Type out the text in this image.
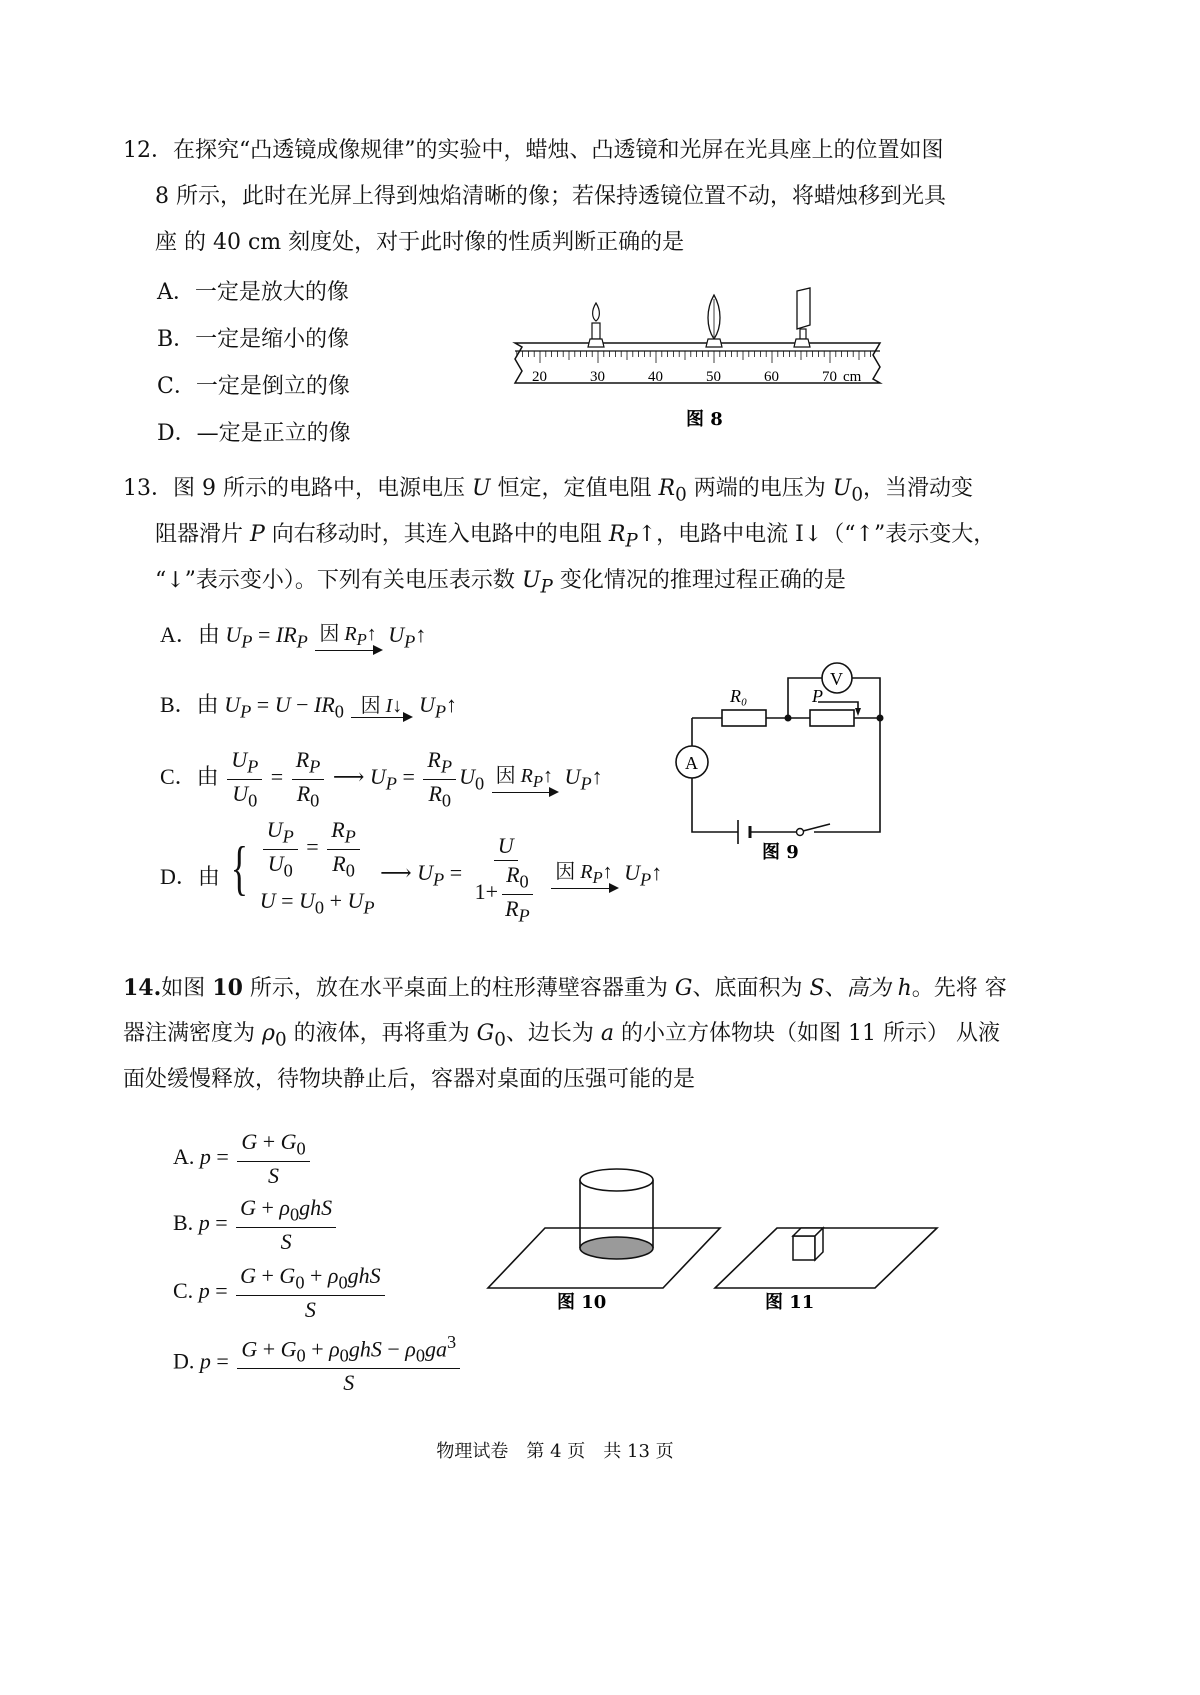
12．在探究“凸透镜成像规律”的实验中，蜡烛、凸透镜和光屏在光具座上的位置如图
8 所示，此时在光屏上得到烛焰清晰的像；若保持透镜位置不动，将蜡烛移到光具
座 的 40 cm 刻度处，对于此时像的性质判断正确的是
A．一定是放大的像
B．一定是缩小的像
C．一定是倒立的像
D．—定是正立的像
20	30	40	50	60	70 cm
图 8
13．图 9 所示的电路中，电源电压 U 恒定，定值电阻 $R_0$ 两端的电压为 $U_0$，当滑动变
阻器滑片 P 向右移动时，其连入电路中的电阻 $R_P↑$，电路中电流 I↓（“↑”表示变大，
“↓”表示变小）。下列有关电压表示数 $U_P$ 变化情况的推理过程正确的是
A．由 $U_P = IR_P$ 因 $R_P↑$ $U_P↑$
B．由 $U_P = U - IR_0$ 因 I↓ $U_P↑$
C．由 $\frac{U_P}{U_0} = \frac{R_P}{R_0}$ ⟶ $U_P = \frac{R_P}{R_0} U_0$ 因 $R_P↑$ $U_P↑$
D．由 { $\frac{U_P}{U_0} = \frac{R_P}{R_0}$
$U = U_0 + U_P$
⟶ $U_P = \frac{U}{1+ \frac{R_0}{R_P}}$
因 $R_P↑$ $U_P↑$
V
A
R₀	P
图 9
14.如图 10 所示，放在水平桌面上的柱形薄壁容器重为 G、底面积为 S、高为 h。先将 容
器注满密度为 $\rho_0$ 的液体，再将重为 $G_0$、边长为 a 的小立方体物块（如图 11 所示） 从液
面处缓慢释放，待物块静止后，容器对桌面的压强可能的是
A. $p = \frac{G + G_0}{S}$
B. $p = \frac{G + \rho_0ghS}{S}$
C. $p = \frac{G + G_0 + \rho_0ghS}{S}$
D. $p = \frac{G + G_0 + \rho_0ghS - \rho_0ga^3}{S}$
图 10	图 11
物理试卷　第 4 页　共 13 页
